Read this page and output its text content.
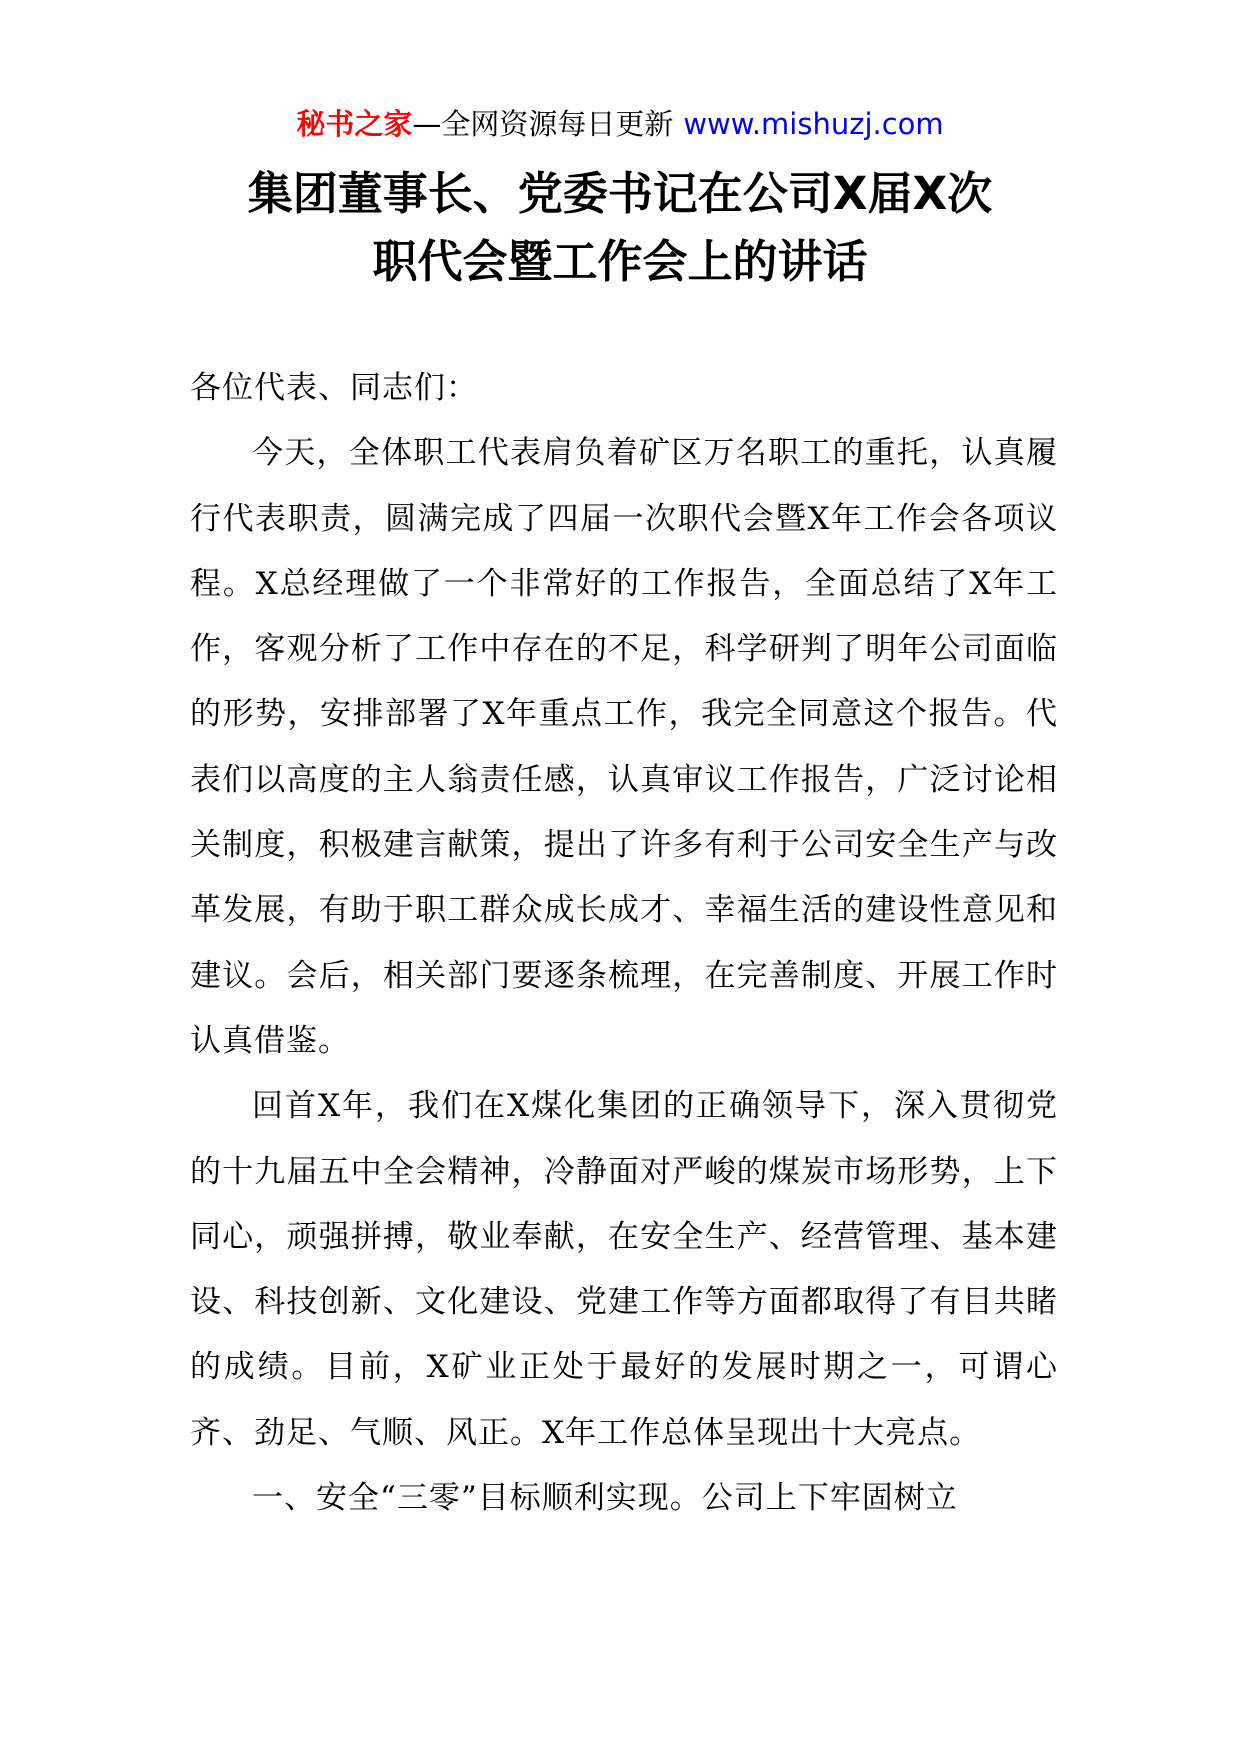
秘书之家—全网资源每日更新 www.mishuzj.com
集团董事长、党委书记在公司X届X次
职代会暨工作会上的讲话

各位代表、同志们：

今天，全体职工代表肩负着矿区万名职工的重托，认真履行代表职责，圆满完成了四届一次职代会暨X年工作会各项议程。X总经理做了一个非常好的工作报告，全面总结了X年工作，客观分析了工作中存在的不足，科学研判了明年公司面临的形势，安排部署了X年重点工作，我完全同意这个报告。代表们以高度的主人翁责任感，认真审议工作报告，广泛讨论相关制度，积极建言献策，提出了许多有利于公司安全生产与改革发展，有助于职工群众成长成才、幸福生活的建设性意见和建议。会后，相关部门要逐条梳理，在完善制度、开展工作时认真借鉴。

回首X年，我们在X煤化集团的正确领导下，深入贯彻党的十九届五中全会精神，冷静面对严峻的煤炭市场形势，上下同心，顽强拼搏，敬业奉献，在安全生产、经营管理、基本建设、科技创新、文化建设、党建工作等方面都取得了有目共睹的成绩。目前，X矿业正处于最好的发展时期之一，可谓心齐、劲足、气顺、风正。X年工作总体呈现出十大亮点。

一、安全“三零”目标顺利实现。公司上下牢固树立
